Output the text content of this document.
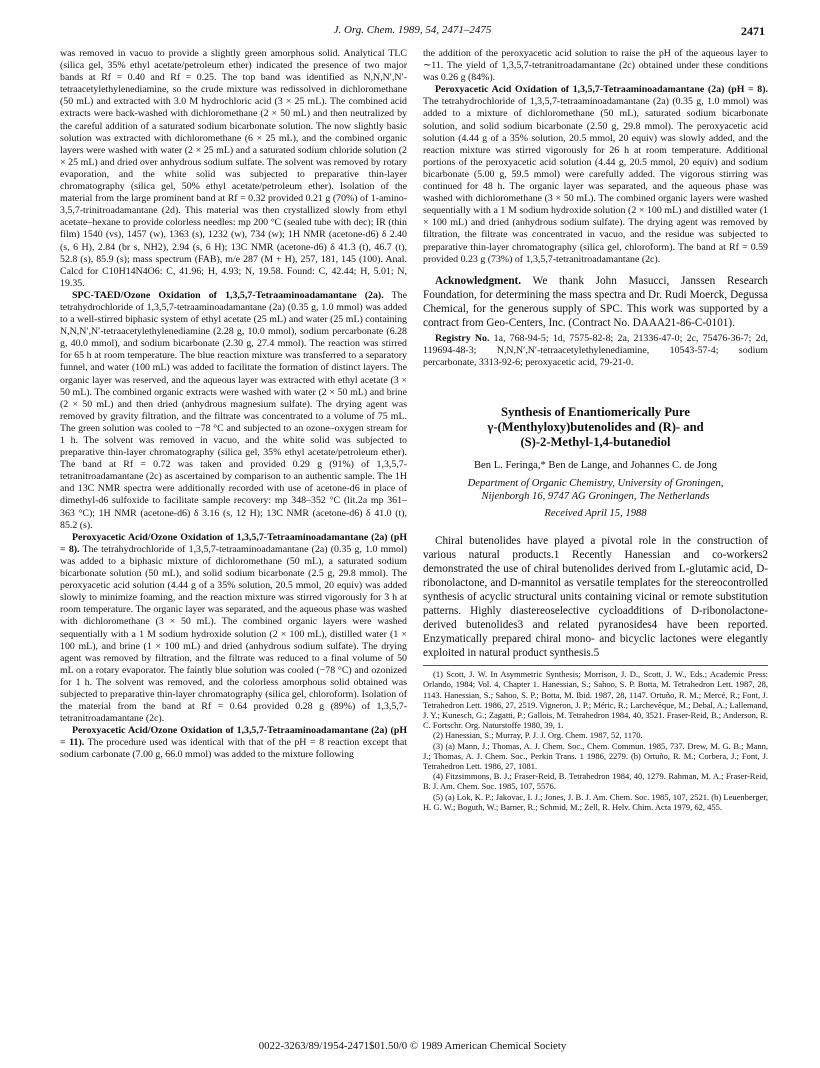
J. Org. Chem. 1989, 54, 2471–2475	2471

was removed in vacuo to provide a slightly green amorphous solid. Analytical TLC (silica gel, 35% ethyl acetate/petroleum ether) indicated the presence of two major bands at Rf = 0.40 and Rf = 0.25. The top band was identified as N,N,N′,N′-tetraacetylethylenediamine, so the crude mixture was redissolved in dichloromethane (50 mL) and extracted with 3.0 M hydrochloric acid (3 × 25 mL). The combined acid extracts were back-washed with dichloromethane (2 × 50 mL) and then neutralized by the careful addition of a saturated sodium bicarbonate solution. The now slightly basic solution was extracted with dichloromethane (6 × 25 mL), and the combined organic layers were washed with water (2 × 25 mL) and a saturated sodium chloride solution (2 × 25 mL) and dried over anhydrous sodium sulfate. The solvent was removed by rotary evaporation, and the white solid was subjected to preparative thin-layer chromatography (silica gel, 50% ethyl acetate/petroleum ether). Isolation of the material from the large prominent band at Rf = 0.32 provided 0.21 g (70%) of 1-amino-3,5,7-trinitroadamantane (2d). This material was then crystallized slowly from ethyl acetate–hexane to provide colorless needles: mp 200 °C (sealed tube with dec); IR (thin film) 1540 (vs), 1457 (w), 1363 (s), 1232 (w), 734 (w); 1H NMR (acetone-d6) δ 2.40 (s, 6 H), 2.84 (br s, NH2), 2.94 (s, 6 H); 13C NMR (acetone-d6) δ 41.3 (t), 46.7 (t), 52.8 (s), 85.9 (s); mass spectrum (FAB), m/e 287 (M + H), 257, 181, 145 (100). Anal. Calcd for C10H14N4O6: C, 41.96; H, 4.93; N, 19.58. Found: C, 42.44; H, 5.01; N, 19.35.

SPC-TAED/Ozone Oxidation of 1,3,5,7-Tetraaminoadamantane (2a). The tetrahydrochloride of 1,3,5,7-tetraaminoadamantane (2a) (0.35 g, 1.0 mmol) was added to a well-stirred biphasic system of ethyl acetate (25 mL) and water (25 mL) containing N,N,N′,N′-tetraacetylethylenediamine (2.28 g, 10.0 mmol), sodium percarbonate (6.28 g, 40.0 mmol), and sodium bicarbonate (2.30 g, 27.4 mmol). The reaction was stirred for 65 h at room temperature. The blue reaction mixture was transferred to a separatory funnel, and water (100 mL) was added to facilitate the formation of distinct layers. The organic layer was reserved, and the aqueous layer was extracted with ethyl acetate (3 × 50 mL). The combined organic extracts were washed with water (2 × 50 mL) and brine (2 × 50 mL) and then dried (anhydrous magnesium sulfate). The drying agent was removed by gravity filtration, and the filtrate was concentrated to a volume of 75 mL. The green solution was cooled to −78 °C and subjected to an ozone–oxygen stream for 1 h. The solvent was removed in vacuo, and the white solid was subjected to preparative thin-layer chromatography (silica gel, 35% ethyl acetate/petroleum ether). The band at Rf = 0.72 was taken and provided 0.29 g (91%) of 1,3,5,7-tetranitroadamantane (2c) as ascertained by comparison to an authentic sample. The 1H and 13C NMR spectra were additionally recorded with use of acetone-d6 in place of dimethyl-d6 sulfoxide to facilitate sample recovery: mp 348–352 °C (lit.2a mp 361–363 °C); 1H NMR (acetone-d6) δ 3.16 (s, 12 H); 13C NMR (acetone-d6) δ 41.0 (t), 85.2 (s).

Peroxyacetic Acid/Ozone Oxidation of 1,3,5,7-Tetraaminoadamantane (2a) (pH = 8). The tetrahydrochloride of 1,3,5,7-tetraaminoadamantane (2a) (0.35 g, 1.0 mmol) was added to a biphasic mixture of dichloromethane (50 mL), a saturated sodium bicarbonate solution (50 mL), and solid sodium bicarbonate (2.5 g, 29.8 mmol). The peroxyacetic acid solution (4.44 g of a 35% solution, 20.5 mmol, 20 equiv) was added slowly to minimize foaming, and the reaction mixture was stirred vigorously for 3 h at room temperature. The organic layer was separated, and the aqueous phase was washed with dichloromethane (3 × 50 mL). The combined organic layers were washed sequentially with a 1 M sodium hydroxide solution (2 × 100 mL), distilled water (1 × 100 mL), and brine (1 × 100 mL) and dried (anhydrous sodium sulfate). The drying agent was removed by filtration, and the filtrate was reduced to a final volume of 50 mL on a rotary evaporator. The faintly blue solution was cooled (−78 °C) and ozonized for 1 h. The solvent was removed, and the colorless amorphous solid obtained was subjected to preparative thin-layer chromatography (silica gel, chloroform). Isolation of the material from the band at Rf = 0.64 provided 0.28 g (89%) of 1,3,5,7-tetranitroadamantane (2c).

Peroxyacetic Acid/Ozone Oxidation of 1,3,5,7-Tetraaminoadamantane (2a) (pH = 11). The procedure used was identical with that of the pH = 8 reaction except that sodium carbonate (7.00 g, 66.0 mmol) was added to the mixture following

the addition of the peroxyacetic acid solution to raise the pH of the aqueous layer to ∼11. The yield of 1,3,5,7-tetranitroadamantane (2c) obtained under these conditions was 0.26 g (84%).

Peroxyacetic Acid Oxidation of 1,3,5,7-Tetraaminoadamantane (2a) (pH = 8). The tetrahydrochloride of 1,3,5,7-tetraaminoadamantane (2a) (0.35 g, 1.0 mmol) was added to a mixture of dichloromethane (50 mL), saturated sodium bicarbonate solution, and solid sodium bicarbonate (2.50 g, 29.8 mmol). The peroxyacetic acid solution (4.44 g of a 35% solution, 20.5 mmol, 20 equiv) was slowly added, and the reaction mixture was stirred vigorously for 26 h at room temperature. Additional portions of the peroxyacetic acid solution (4.44 g, 20.5 mmol, 20 equiv) and sodium bicarbonate (5.00 g, 59.5 mmol) were carefully added. The vigorous stirring was continued for 48 h. The organic layer was separated, and the aqueous phase was washed with dichloromethane (3 × 50 mL). The combined organic layers were washed sequentially with a 1 M sodium hydroxide solution (2 × 100 mL) and distilled water (1 × 100 mL) and dried (anhydrous sodium sulfate). The drying agent was removed by filtration, the filtrate was concentrated in vacuo, and the residue was subjected to preparative thin-layer chromatography (silica gel, chloroform). The band at Rf = 0.59 provided 0.23 g (73%) of 1,3,5,7-tetranitroadamantane (2c).

Acknowledgment. We thank John Masucci, Janssen Research Foundation, for determining the mass spectra and Dr. Rudi Moerck, Degussa Chemical, for the generous supply of SPC. This work was supported by a contract from Geo-Centers, Inc. (Contract No. DAAA21-86-C-0101).

Registry No. 1a, 768-94-5; 1d, 7575-82-8; 2a, 21336-47-0; 2c, 75476-36-7; 2d, 119694-48-3; N,N,N′,N′-tetraacetylethylenediamine, 10543-57-4; sodium percarbonate, 3313-92-6; peroxyacetic acid, 79-21-0.

Synthesis of Enantiomerically Pure
γ-(Menthyloxy)butenolides and (R)- and
(S)-2-Methyl-1,4-butanediol
Ben L. Feringa,* Ben de Lange, and Johannes C. de Jong
Department of Organic Chemistry, University of Groningen,
Nijenborgh 16, 9747 AG Groningen, The Netherlands
Received April 15, 1988

Chiral butenolides have played a pivotal role in the construction of various natural products.1 Recently Hanessian and co-workers2 demonstrated the use of chiral butenolides derived from L-glutamic acid, D-ribonolactone, and D-mannitol as versatile templates for the stereocontrolled synthesis of acyclic structural units containing vicinal or remote substitution patterns. Highly diastereoselective cycloadditions of D-ribonolactone-derived butenolides3 and related pyranosides4 have been reported. Enzymatically prepared chiral mono- and bicyclic lactones were elegantly exploited in natural product synthesis.5

(1) Scott, J. W. In Asymmetric Synthesis; Morrison, J. D., Scott, J. W., Eds.; Academic Press: Orlando, 1984; Vol. 4, Chapter 1. Hanessian, S.; Sahoo, S. P. Botta, M. Tetrahedron Lett. 1987, 28, 1143. Hanessian, S.; Sahoo, S. P.; Botta, M. Ibid. 1987, 28, 1147. Ortuño, R. M.; Mercé, R.; Font, J. Tetrahedron Lett. 1986, 27, 2519. Vigneron, J. P.; Méric, R.; Larchevêque, M.; Debal, A.; Lallemand, J. Y.; Kunesch, G.; Zagatti, P.; Gallois, M. Tetrahedron 1984, 40, 3521. Fraser-Reid, B.; Anderson, R. C. Fortschr. Org. Naturstoffe 1980, 39, 1.

(2) Hanessian, S.; Murray, P. J. J. Org. Chem. 1987, 52, 1170.

(3) (a) Mann, J.; Thomas, A. J. Chem. Soc., Chem. Commun. 1985, 737. Drew, M. G. B.; Mann, J.; Thomas, A. J. Chem. Soc., Perkin Trans. 1 1986, 2279. (b) Ortuño, R. M.; Corbera, J.; Font, J. Tetrahedron Lett. 1986, 27, 1081.

(4) Fitzsimmons, B. J.; Fraser-Reid, B. Tetrahedron 1984, 40, 1279. Rahman, M. A.; Fraser-Reid, B. J. Am. Chem. Soc. 1985, 107, 5576.

(5) (a) Lok, K. P.; Jakovac, I. J.; Jones, J. B. J. Am. Chem. Soc. 1985, 107, 2521. (b) Leuenberger, H. G. W.; Boguth, W.; Barner, R.; Schmid, M.; Zell, R. Helv. Chim. Acta 1979, 62, 455.

0022-3263/89/1954-2471$01.50/0 © 1989 American Chemical Society
